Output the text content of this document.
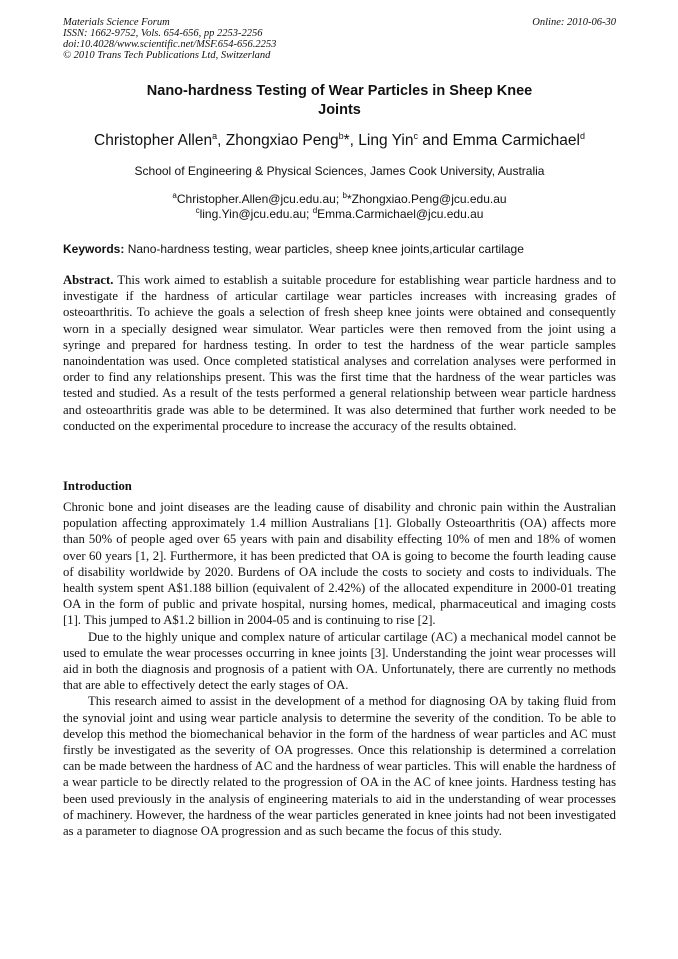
Materials Science Forum
ISSN: 1662-9752, Vols. 654-656, pp 2253-2256
doi:10.4028/www.scientific.net/MSF.654-656.2253
© 2010 Trans Tech Publications Ltd, Switzerland
Online: 2010-06-30
Nano-hardness Testing of Wear Particles in Sheep Knee
Joints
Christopher Allen$^a$, Zhongxiao Peng$^b$*, Ling Yin$^c$ and Emma Carmichael$^d$
School of Engineering & Physical Sciences, James Cook University, Australia
$^a$Christopher.Allen@jcu.edu.au; $^b$*Zhongxiao.Peng@jcu.edu.au
$^c$ling.Yin@jcu.edu.au; $^d$Emma.Carmichael@jcu.edu.au
Keywords: Nano-hardness testing, wear particles, sheep knee joints,articular cartilage

Abstract. This work aimed to establish a suitable procedure for establishing wear particle hardness and to investigate if the hardness of articular cartilage wear particles increases with increasing grades of osteoarthritis. To achieve the goals a selection of fresh sheep knee joints were obtained and consequently worn in a specially designed wear simulator. Wear particles were then removed from the joint using a syringe and prepared for hardness testing. In order to test the hardness of the wear particle samples nanoindentation was used. Once completed statistical analyses and correlation analyses were performed in order to find any relationships present. This was the first time that the hardness of the wear particles was tested and studied. As a result of the tests performed a general relationship between wear particle hardness and osteoarthritis grade was able to be determined. It was also determined that further work needed to be conducted on the experimental procedure to increase the accuracy of the results obtained.

Introduction

Chronic bone and joint diseases are the leading cause of disability and chronic pain within the Australian population affecting approximately 1.4 million Australians [1]. Globally Osteoarthritis (OA) affects more than 50% of people aged over 65 years with pain and disability effecting 10% of men and 18% of women over 60 years [1, 2]. Furthermore, it has been predicted that OA is going to become the fourth leading cause of disability worldwide by 2020. Burdens of OA include the costs to society and costs to individuals. The health system spent A$1.188 billion (equivalent of 2.42%) of the allocated expenditure in 2000-01 treating OA in the form of public and private hospital, nursing homes, medical, pharmaceutical and imaging costs [1]. This jumped to A$1.2 billion in 2004-05 and is continuing to rise [2].

Due to the highly unique and complex nature of articular cartilage (AC) a mechanical model cannot be used to emulate the wear processes occurring in knee joints [3]. Understanding the joint wear processes will aid in both the diagnosis and prognosis of a patient with OA. Unfortunately, there are currently no methods that are able to effectively detect the early stages of OA.

This research aimed to assist in the development of a method for diagnosing OA by taking fluid from the synovial joint and using wear particle analysis to determine the severity of the condition. To be able to develop this method the biomechanical behavior in the form of the hardness of wear particles and AC must firstly be investigated as the severity of OA progresses. Once this relationship is determined a correlation can be made between the hardness of AC and the hardness of wear particles. This will enable the hardness of a wear particle to be directly related to the progression of OA in the AC of knee joints. Hardness testing has been used previously in the analysis of engineering materials to aid in the understanding of wear processes of machinery. However, the hardness of the wear particles generated in knee joints had not been investigated as a parameter to diagnose OA progression and as such became the focus of this study.
